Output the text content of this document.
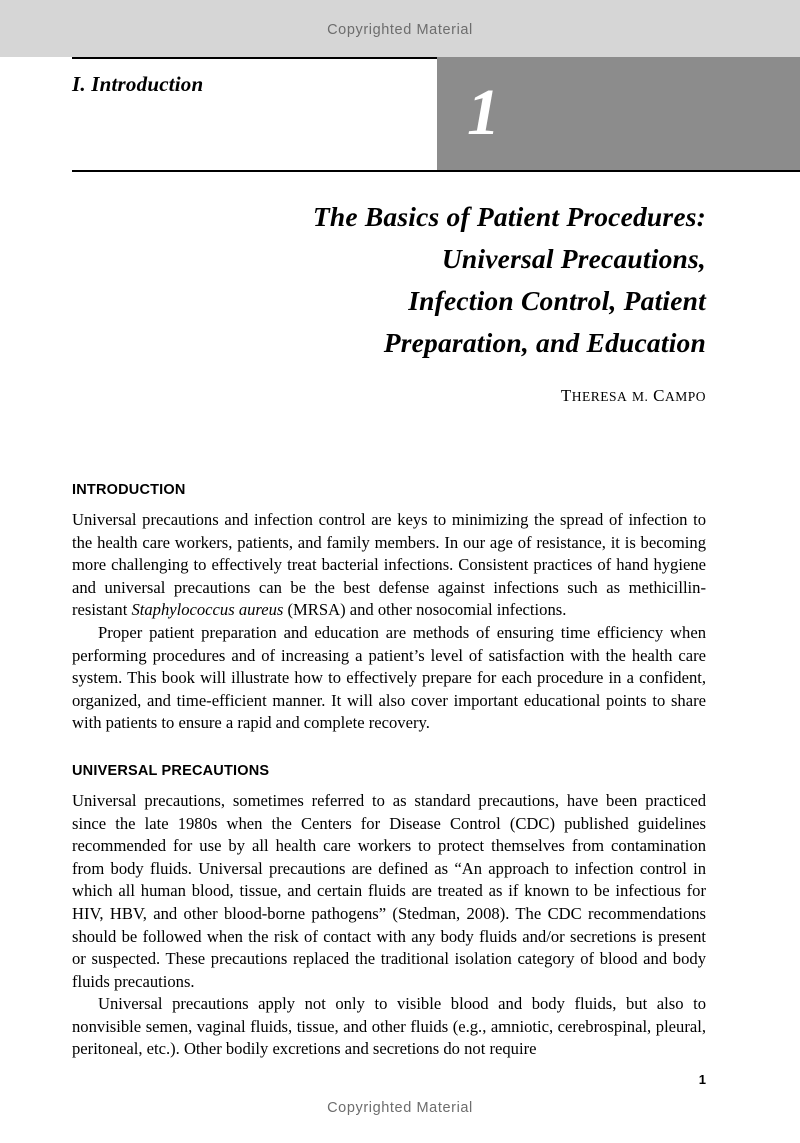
Copyrighted Material
1
I. Introduction
The Basics of Patient Procedures:
Universal Precautions,
Infection Control, Patient
Preparation, and Education
THERESA M. CAMPO
INTRODUCTION

Universal precautions and infection control are keys to minimizing the spread of infection to the health care workers, patients, and family members. In our age of resistance, it is becoming more challenging to effectively treat bacterial infections. Consistent practices of hand hygiene and universal precautions can be the best defense against infections such as methicillin-resistant Staphylococcus aureus (MRSA) and other nosocomial infections.

Proper patient preparation and education are methods of ensuring time efficiency when performing procedures and of increasing a patient’s level of satisfaction with the health care system. This book will illustrate how to effectively prepare for each procedure in a confident, organized, and time-efficient manner. It will also cover important educational points to share with patients to ensure a rapid and complete recovery.

UNIVERSAL PRECAUTIONS

Universal precautions, sometimes referred to as standard precautions, have been practiced since the late 1980s when the Centers for Disease Control (CDC) published guidelines recommended for use by all health care workers to protect themselves from contamination from body fluids. Universal precautions are defined as “An approach to infection control in which all human blood, tissue, and certain fluids are treated as if known to be infectious for HIV, HBV, and other blood-borne pathogens” (Stedman, 2008). The CDC recommendations should be followed when the risk of contact with any body fluids and/or secretions is present or suspected. These precautions replaced the traditional isolation category of blood and body fluids precautions.

Universal precautions apply not only to visible blood and body fluids, but also to nonvisible semen, vaginal fluids, tissue, and other fluids (e.g., amniotic, cerebrospinal, pleural, peritoneal, etc.). Other bodily excretions and secretions do not require

1
Copyrighted Material
